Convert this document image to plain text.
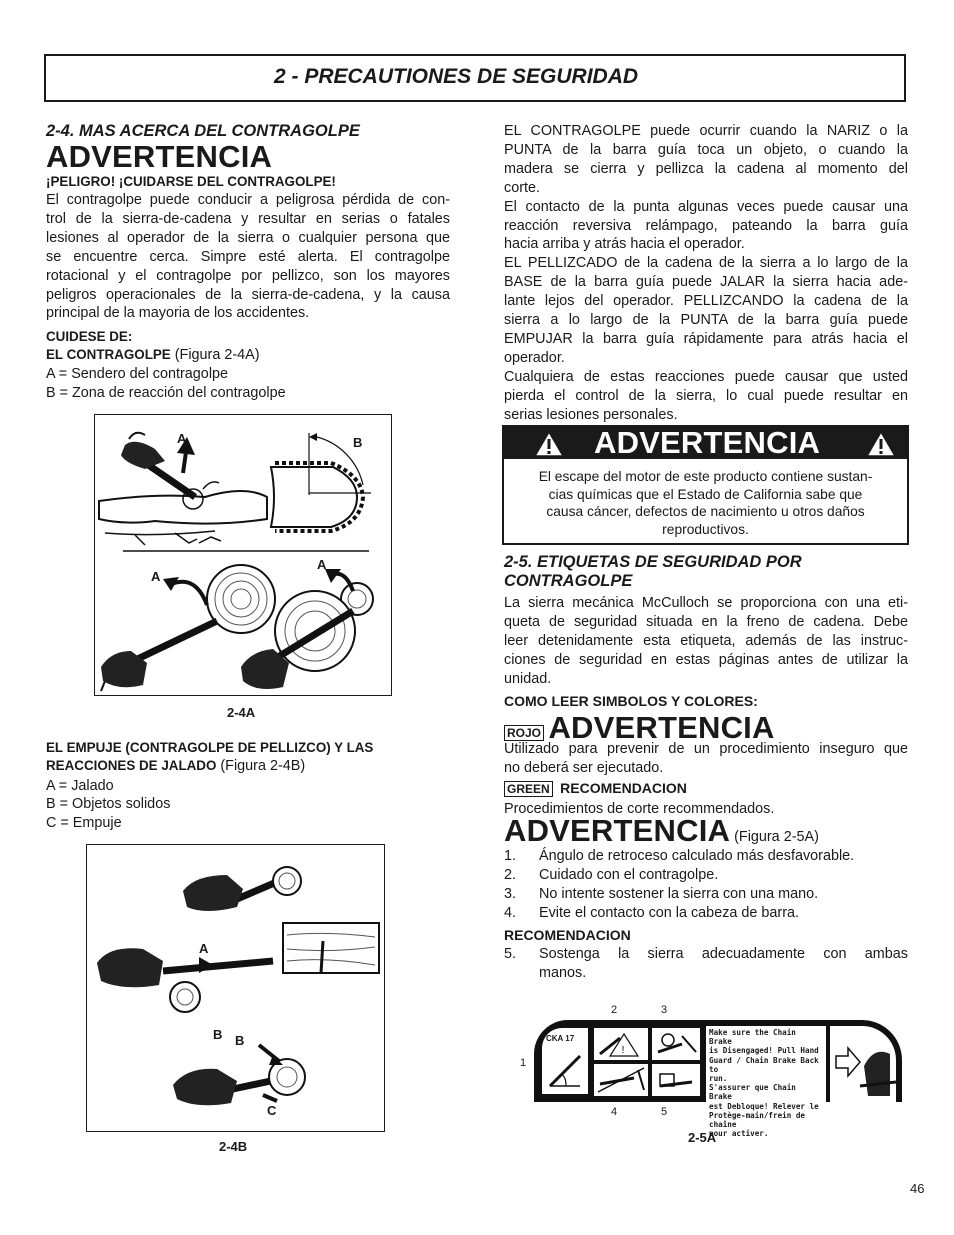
2 - PRECAUTIONES DE SEGURIDAD
2-4. MAS ACERCA DEL CONTRAGOLPE
ADVERTENCIA
¡PELIGRO! ¡CUIDARSE DEL CONTRAGOLPE!
El contragolpe puede conducir a peligrosa pérdida de con-
trol de la sierra-de-cadena y resultar en serias o fatales
lesiones al operador de la sierra o cualquier persona que
se encuentre cerca. Simpre esté alerta. El contragolpe
rotacional y el contragolpe por pellizco, son los mayores
peligros operacionales de la sierra-de-cadena, y la causa
principal de la mayoria de los accidentes.
CUIDESE DE:
EL CONTRAGOLPE (Figura 2-4A)
A = Sendero del contragolpe
B = Zona de reacción del contragolpe
A	B
A
A
2-4A
EL EMPUJE (CONTRAGOLPE DE PELLIZCO) Y LAS
REACCIONES DE JALADO (Figura 2-4B)
A = Jalado
B = Objetos solidos
C = Empuje
A
B B
C
2-4B
EL CONTRAGOLPE puede ocurrir cuando la NARIZ o la
PUNTA de la barra guía toca un objeto, o cuando la
madera se cierra y pellizca la cadena al momento del
corte.
El contacto de la punta algunas veces puede causar una
reacción reversiva relámpago, pateando la barra guía
hacia arriba y atrás hacia el operador.
EL PELLIZCADO de la cadena de la sierra a lo largo de la
BASE de la barra guía puede JALAR la sierra hacia ade-
lante lejos del operador. PELLIZCANDO la cadena de la
sierra a lo largo de la PUNTA de la barra guía puede
EMPUJAR la barra guía rápidamente para atrás hacia el
operador.
Cualquiera de estas reacciones puede causar que usted
pierda el control de la sierra, lo cual puede resultar en
serias lesiones personales.
ADVERTENCIA
El escape del motor de este producto contiene sustan-
cias químicas que el Estado de California sabe que
causa cáncer, defectos de nacimiento u otros daños
reproductivos.
2-5. ETIQUETAS DE SEGURIDAD POR
CONTRAGOLPE
La sierra mecánica McCulloch se proporciona con una eti-
queta de seguridad situada en la freno de cadena. Debe
leer detenidamente esta etiqueta, además de las instruc-
ciones de seguridad en estas páginas antes de utilizar la
unidad.
COMO LEER SIMBOLOS Y COLORES:
ROJO ADVERTENCIA
Utilizado para prevenir de un procedimiento inseguro que
no deberá ser ejecutado.
GREEN RECOMENDACION
Procedimientos de corte recommendados.
ADVERTENCIA (Figura 2-5A)
1. Ángulo de retroceso calculado más desfavorable.
2. Cuidado con el contragolpe.
3. No intente sostener la sierra con una mano.
4. Evite el contacto con la cabeza de barra.
RECOMENDACION
5. Sostenga la sierra adecuadamente con ambas
manos.
2	3
1
4	5
CKA 17
!
Make sure the Chain Brake
is Disengaged! Pull Hand
Guard / Chain Brake Back to
run.
S'assurer que Chain Brake
est Debloque! Relever le
Protège-main/frein de chaîne
pour activer.
2-5A
46
